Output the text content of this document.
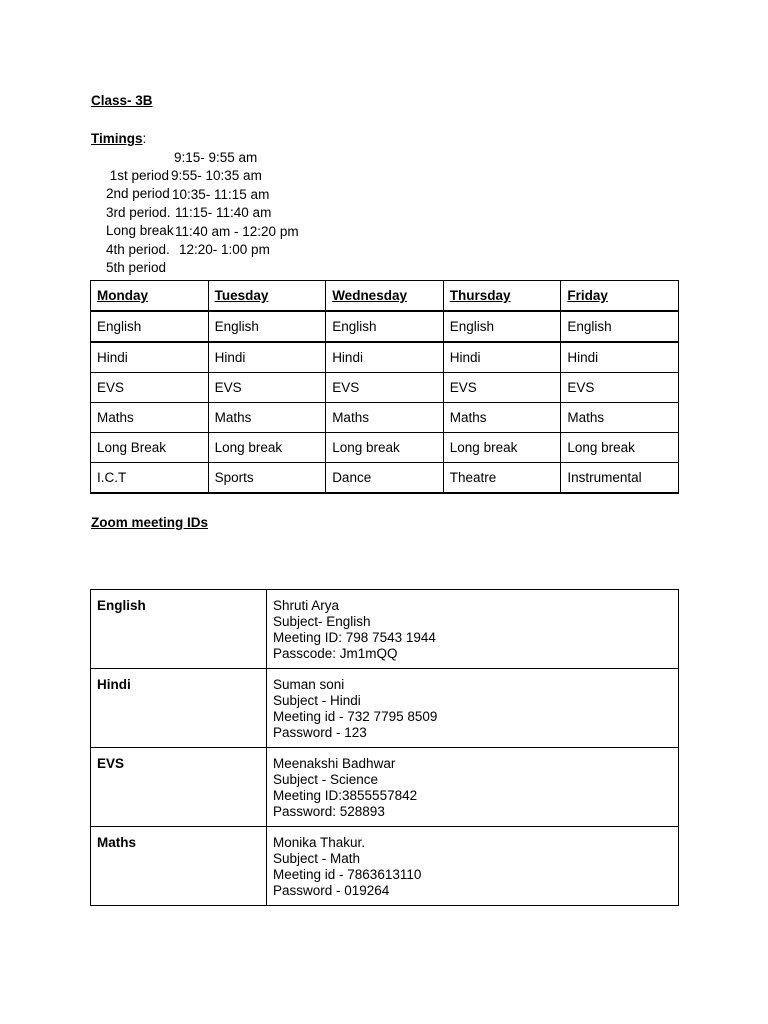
Class- 3B
Timings:

1st period
9:15- 9:55 am

2nd period
9:55- 10:35 am

3rd period.
10:35- 11:15 am

Long break
11:15- 11:40 am

4th period.
11:40 am - 12:20 pm

5th period
12:20- 1:00 pm

Monday	Tuesday	Wednesday	Thursday	Friday
English	English	English	English	English
Hindi	Hindi	Hindi	Hindi	Hindi
EVS	EVS	EVS	EVS	EVS
Maths	Maths	Maths	Maths	Maths
Long Break	Long break	Long break	Long break	Long break
I.C.T	Sports	Dance	Theatre	Instrumental
Zoom meeting IDs
English	Shruti Arya
Subject- English
Meeting ID: 798 7543 1944
Passcode: Jm1mQQ

Hindi	Suman soni
Subject - Hindi
Meeting id - 732 7795 8509
Password - 123

EVS	Meenakshi Badhwar
Subject - Science
Meeting ID:3855557842
Password: 528893

Maths	Monika Thakur.
Subject - Math
Meeting id - 7863613110
Password - 019264
